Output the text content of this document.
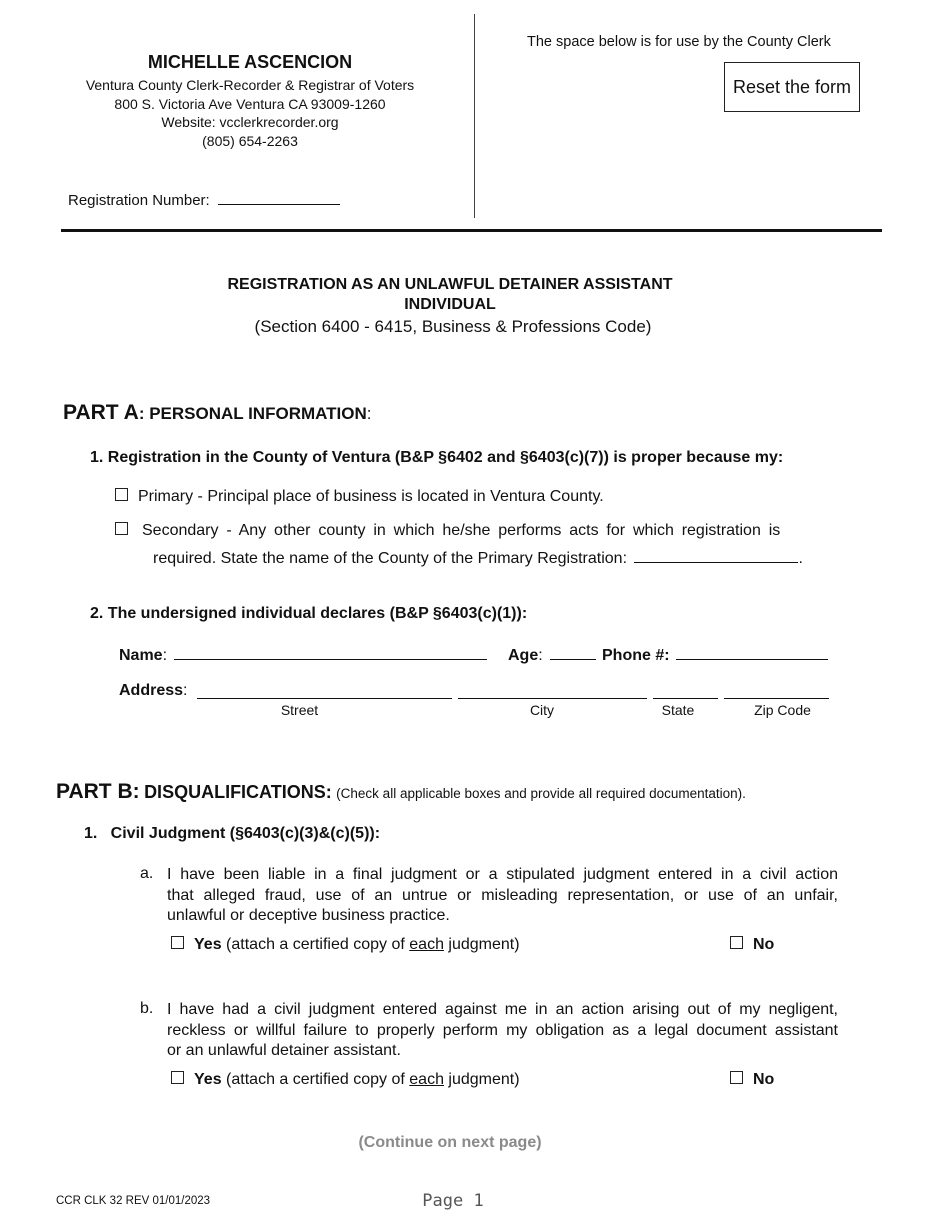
MICHELLE ASCENCION
Ventura County Clerk-Recorder & Registrar of Voters
800 S. Victoria Ave Ventura CA 93009-1260
Website: vcclerkrecorder.org
(805) 654-2263
Registration Number:
The space below is for use by the County Clerk
Reset the form
REGISTRATION AS AN UNLAWFUL DETAINER ASSISTANT
INDIVIDUAL
(Section 6400 - 6415, Business & Professions Code)
PART A: PERSONAL INFORMATION:
1. Registration in the County of Ventura (B&P §6402 and §6403(c)(7)) is proper because my:
Primary - Principal place of business is located in Ventura County.
Secondary - Any other county in which he/she performs acts for which registration is
required. State the name of the County of the Primary Registration:	.
2. The undersigned individual declares (B&P §6403(c)(1)):
Name:	Age:	Phone #:
Address:
Street	City	State	Zip Code
PART B: DISQUALIFICATIONS: (Check all applicable boxes and provide all required documentation).
1.   Civil Judgment (§6403(c)(3)&(c)(5)):
a. I have been liable in a final judgment or a stipulated judgment entered in a civil action
that alleged fraud, use of an untrue or misleading representation, or use of an unfair,
unlawful or deceptive business practice.
Yes (attach a certified copy of each judgment)	No
b. I have had a civil judgment entered against me in an action arising out of my negligent,
reckless or willful failure to properly perform my obligation as a legal document assistant
or an unlawful detainer assistant.
Yes (attach a certified copy of each judgment)	No
(Continue on next page)
CCR CLK 32 REV 01/01/2023	Page 1
